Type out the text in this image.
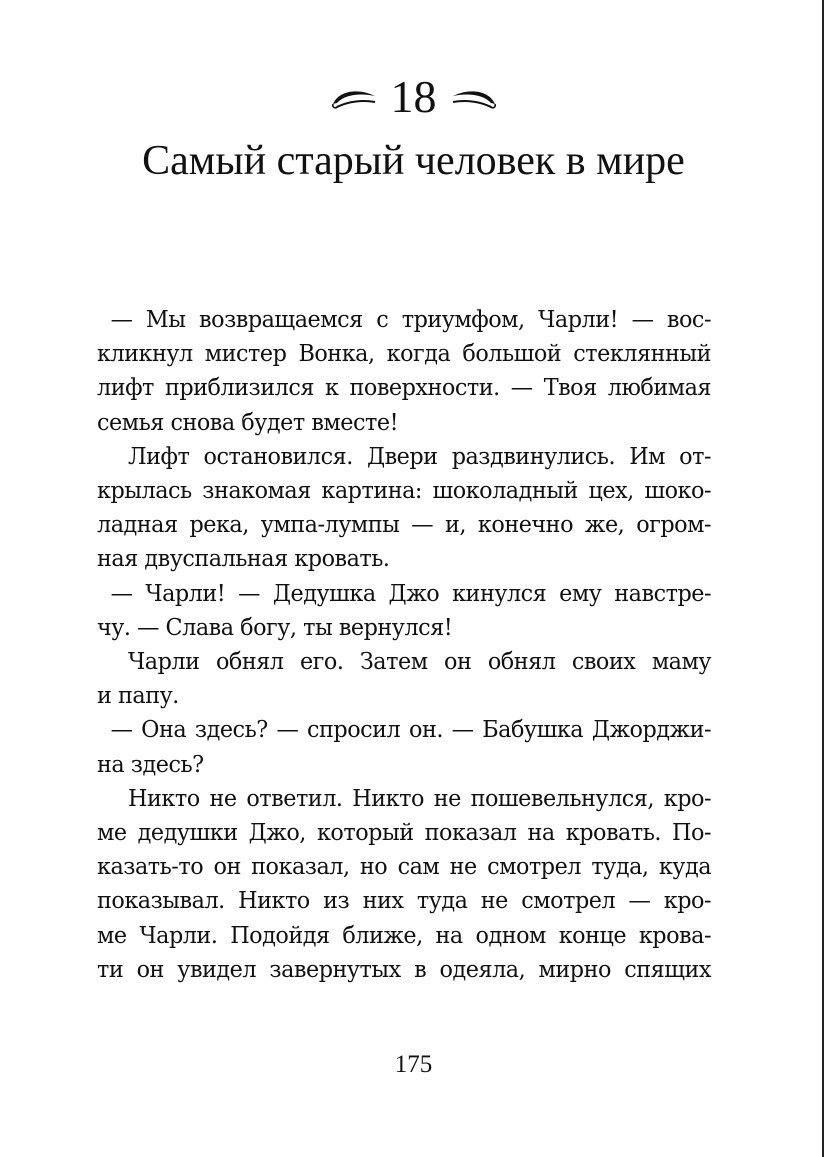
18
Самый старый человек в мире
— Мы возвращаемся с триумфом, Чарли! — вос-
кликнул мистер Вонка, когда большой стеклянный
лифт приблизился к поверхности. — Твоя любимая
семья снова будет вместе!
Лифт остановился. Двери раздвинулись. Им от-
крылась знакомая картина: шоколадный цех, шоко-
ладная река, умпа-лумпы — и, конечно же, огром-
ная двуспальная кровать.
— Чарли! — Дедушка Джо кинулся ему навстре-
чу. — Слава богу, ты вернулся!
Чарли обнял его. Затем он обнял своих маму
и папу.
— Она здесь? — спросил он. — Бабушка Джорджи-
на здесь?
Никто не ответил. Никто не пошевельнулся, кро-
ме дедушки Джо, который показал на кровать. По-
казать-то он показал, но сам не смотрел туда, куда
показывал. Никто из них туда не смотрел — кро-
ме Чарли. Подойдя ближе, на одном конце крова-
ти он увидел завернутых в одеяла, мирно спящих
175
